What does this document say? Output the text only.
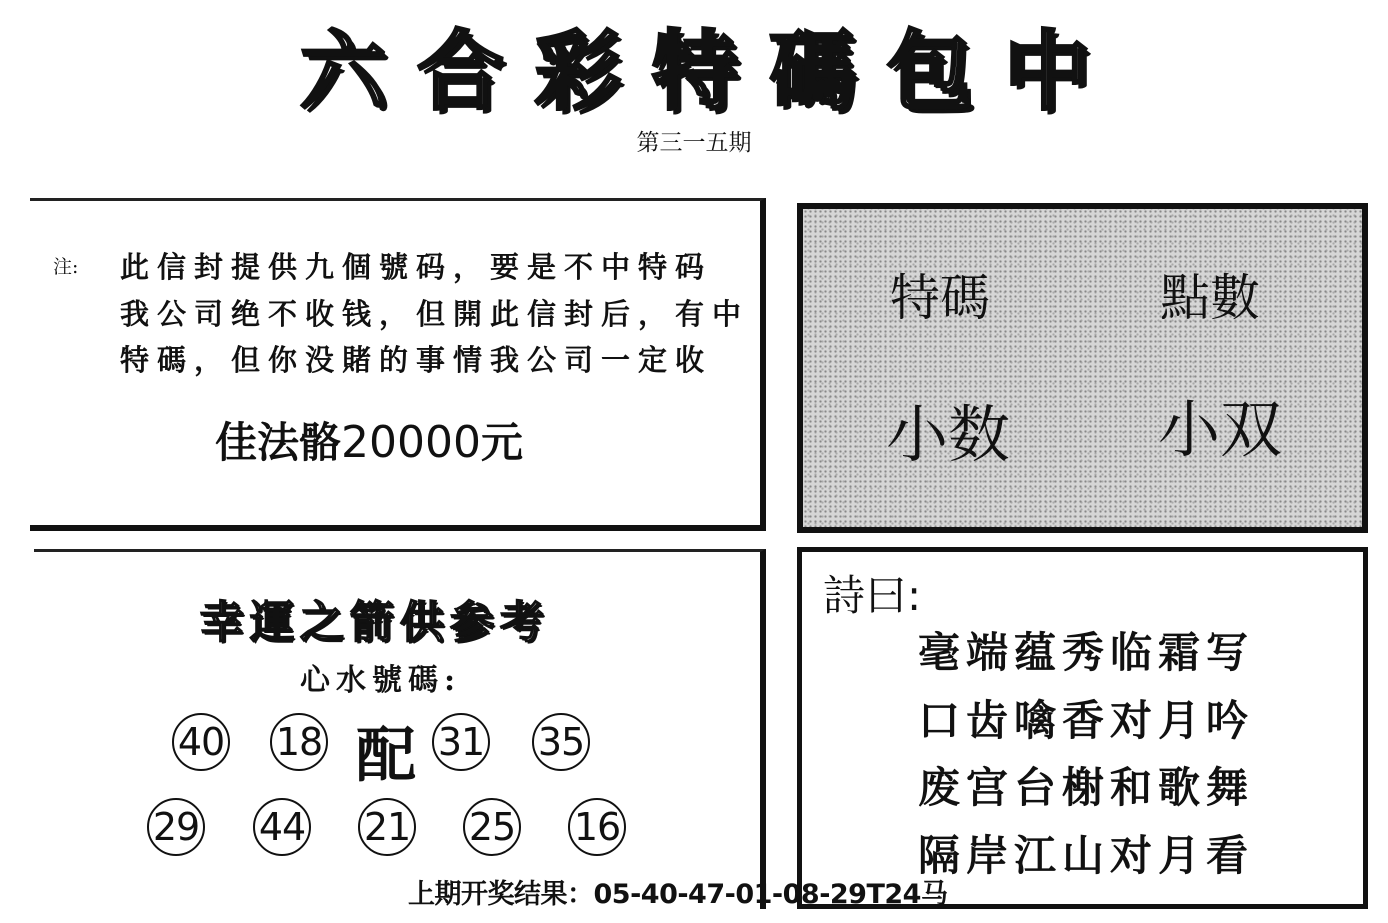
六 合 彩 特 碼 包 中
第三一五期
注: 此信封提供九個號码，要是不中特码
我公司绝不收钱，但開此信封后，有中
特碼，但你没賭的事情我公司一定收
佳法骼20000元
特碼	點數
小数 小双
幸運之箭供参考
心水號碼:
40 18 配 31 35
29 44 21 25 16
詩曰:
毫端蕴秀临霜写
口齿噙香对月吟
废宫台榭和歌舞
隔岸江山对月看
上期开奖结果：05-40-47-01-08-29T24马
